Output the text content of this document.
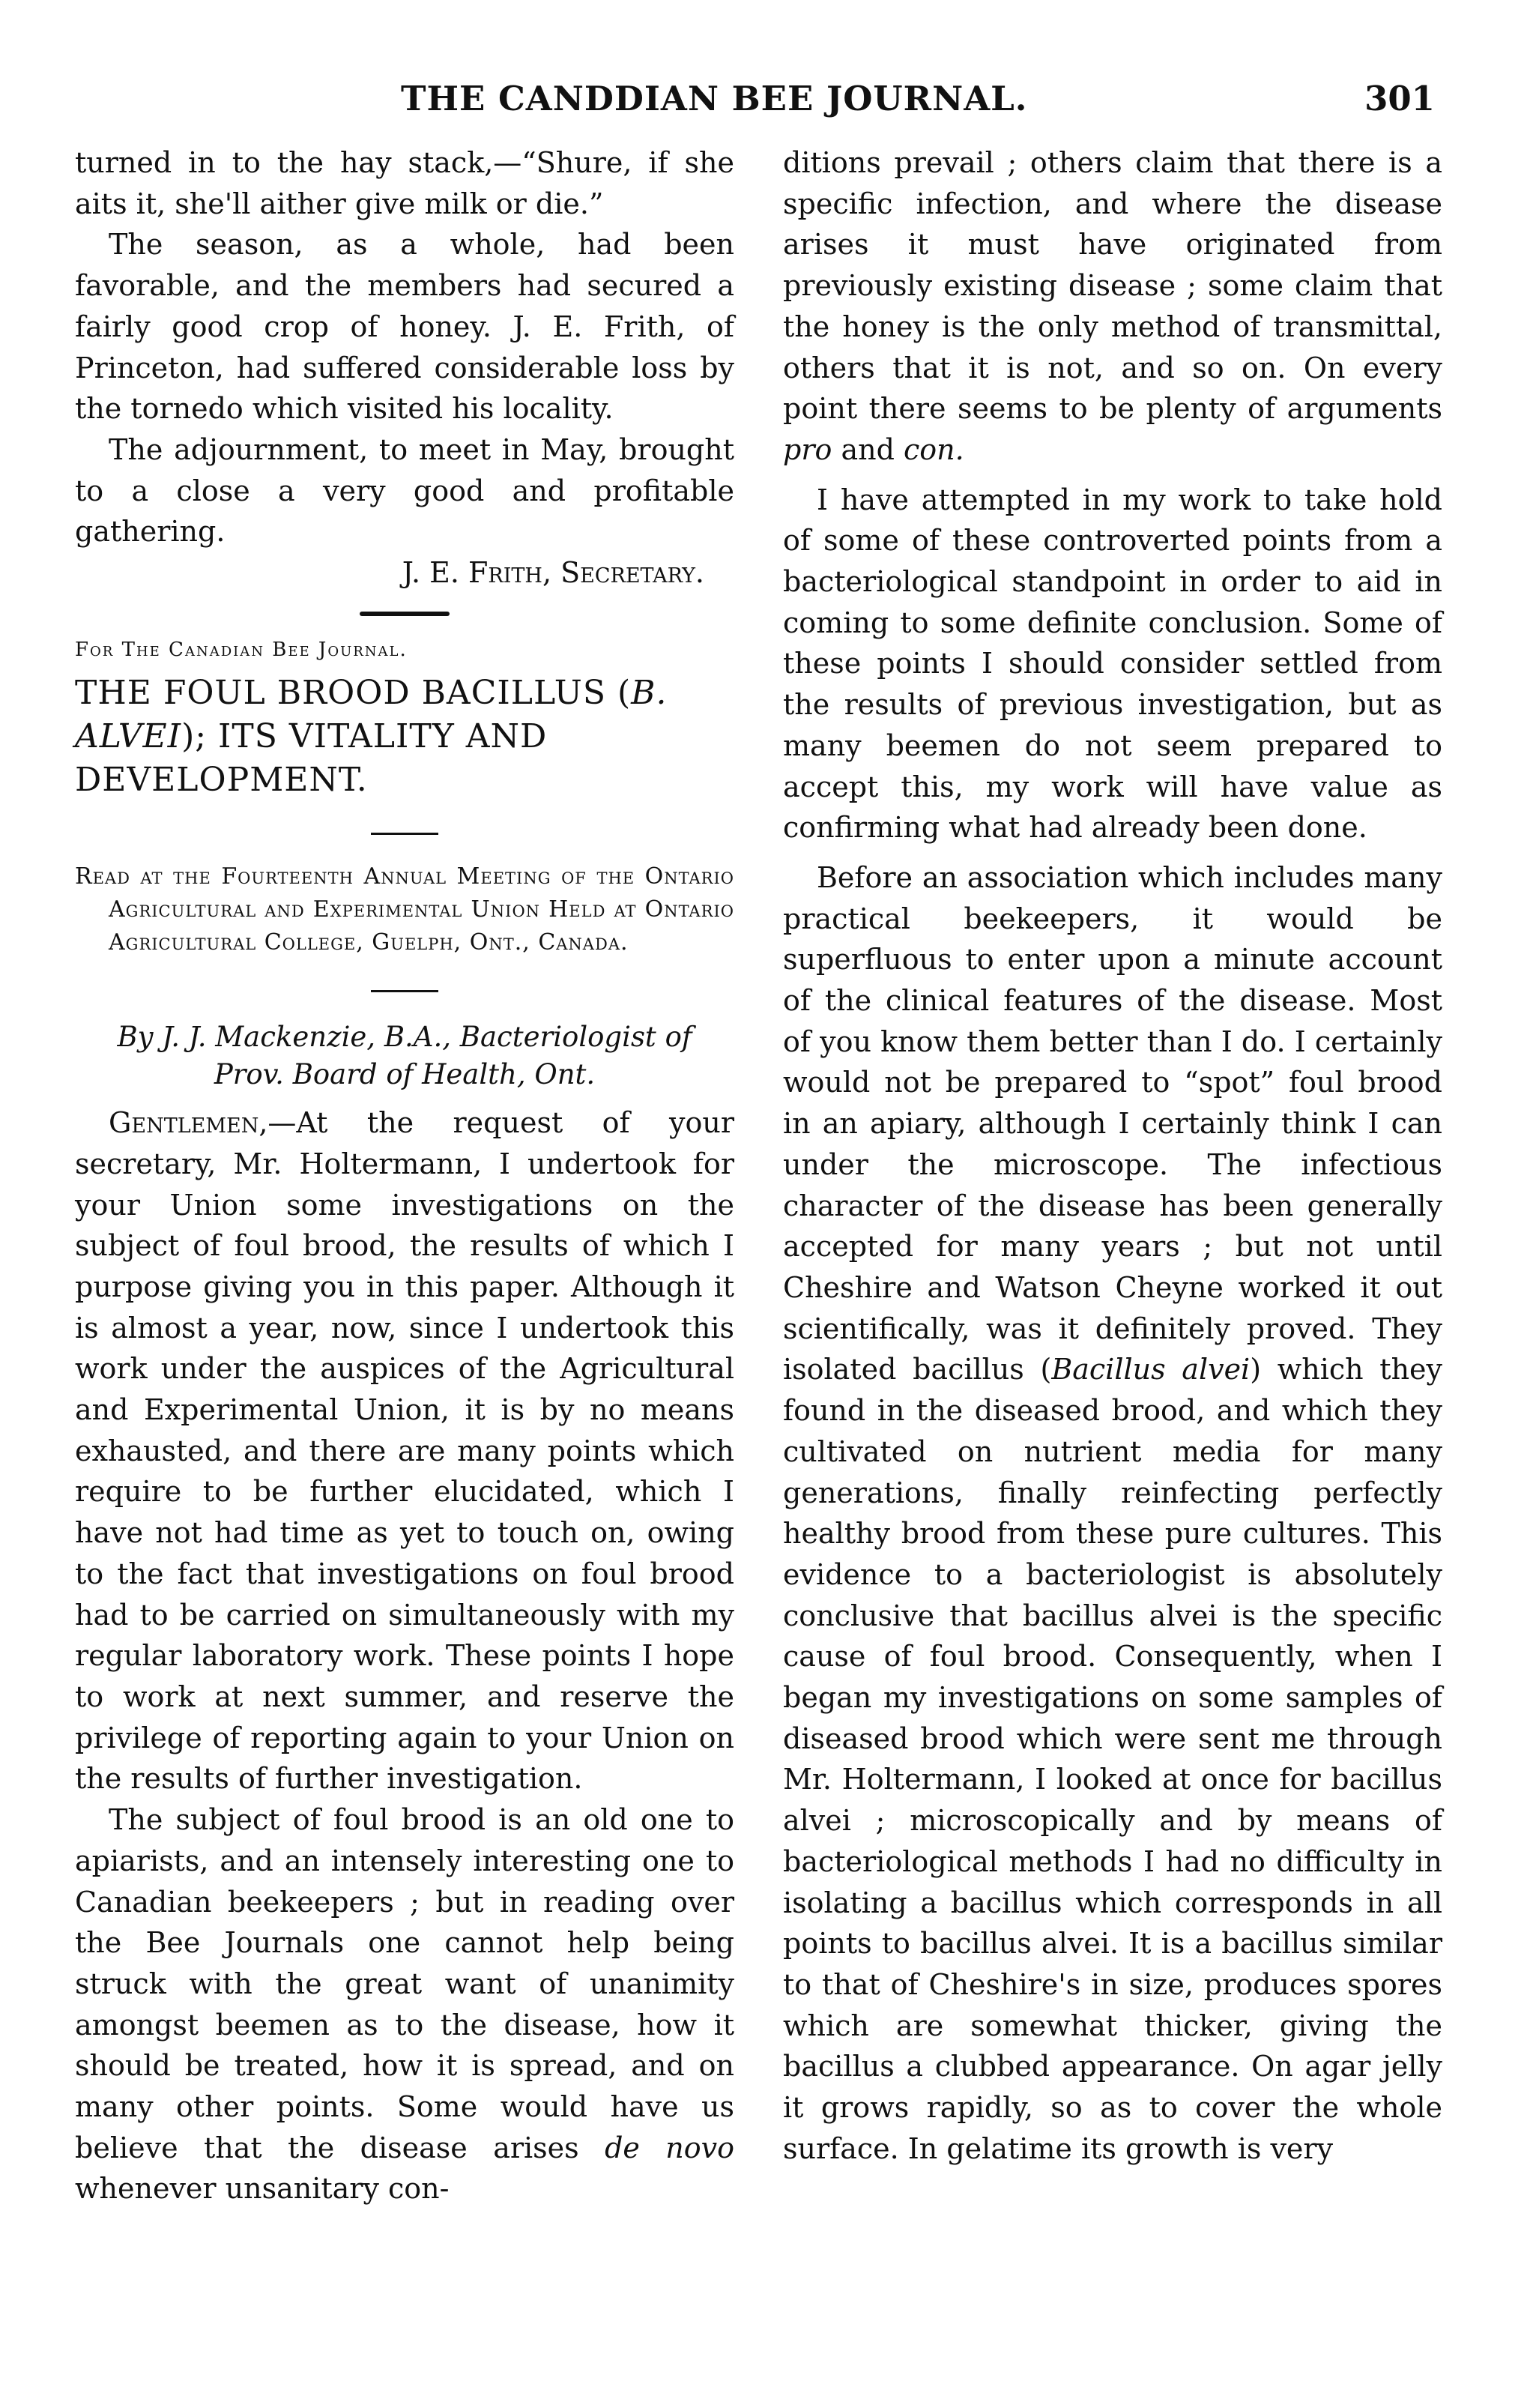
THE CANDDIAN BEE JOURNAL.	301

turned in to the hay stack,—“Shure, if she aits it, she'll aither give milk or die.”

The season, as a whole, had been favorable, and the members had secured a fairly good crop of honey. J. E. Frith, of Princeton, had suffered considerable loss by the tornedo which visited his locality.

The adjournment, to meet in May, brought to a close a very good and profitable gathering.

J. E. Frith, Secretary.

For The Canadian Bee Journal.

THE FOUL BROOD BACILLUS (B. ALVEI); ITS VITALITY AND DEVELOPMENT.

Read at the Fourteenth Annual Meeting of the Ontario Agricultural and Experimental Union Held at Ontario Agricultural College, Guelph, Ont., Canada.

By J. J. Mackenzie, B.A., Bacteriologist of
Prov. Board of Health, Ont.

Gentlemen,—At the request of your secretary, Mr. Holtermann, I undertook for your Union some investigations on the subject of foul brood, the results of which I purpose giving you in this paper. Although it is almost a year, now, since I undertook this work under the auspices of the Agricultural and Experimental Union, it is by no means exhausted, and there are many points which require to be further elucidated, which I have not had time as yet to touch on, owing to the fact that investigations on foul brood had to be carried on simultaneously with my regular laboratory work. These points I hope to work at next summer, and reserve the privilege of reporting again to your Union on the results of further investigation.

The subject of foul brood is an old one to apiarists, and an intensely interesting one to Canadian beekeepers ; but in reading over the Bee Journals one cannot help being struck with the great want of unanimity amongst beemen as to the disease, how it should be treated, how it is spread, and on many other points. Some would have us believe that the disease arises de novo whenever unsanitary con-

ditions prevail ; others claim that there is a specific infection, and where the disease arises it must have originated from previously existing disease ; some claim that the honey is the only method of transmittal, others that it is not, and so on. On every point there seems to be plenty of arguments pro and con.

I have attempted in my work to take hold of some of these controverted points from a bacteriological standpoint in order to aid in coming to some definite conclusion. Some of these points I should consider settled from the results of previous investigation, but as many beemen do not seem prepared to accept this, my work will have value as confirming what had already been done.

Before an association which includes many practical beekeepers, it would be superfluous to enter upon a minute account of the clinical features of the disease. Most of you know them better than I do. I certainly would not be prepared to “spot” foul brood in an apiary, although I certainly think I can under the microscope. The infectious character of the disease has been generally accepted for many years ; but not until Cheshire and Watson Cheyne worked it out scientifically, was it definitely proved. They isolated bacillus (Bacillus alvei) which they found in the diseased brood, and which they cultivated on nutrient media for many generations, finally reinfecting perfectly healthy brood from these pure cultures. This evidence to a bacteriologist is absolutely conclusive that bacillus alvei is the specific cause of foul brood. Consequently, when I began my investigations on some samples of diseased brood which were sent me through Mr. Holtermann, I looked at once for bacillus alvei ; microscopically and by means of bacteriological methods I had no difficulty in isolating a bacillus which corresponds in all points to bacillus alvei. It is a bacillus similar to that of Cheshire's in size, produces spores which are somewhat thicker, giving the bacillus a clubbed appearance. On agar jelly it grows rapidly, so as to cover the whole surface. In gelatime its growth is very
